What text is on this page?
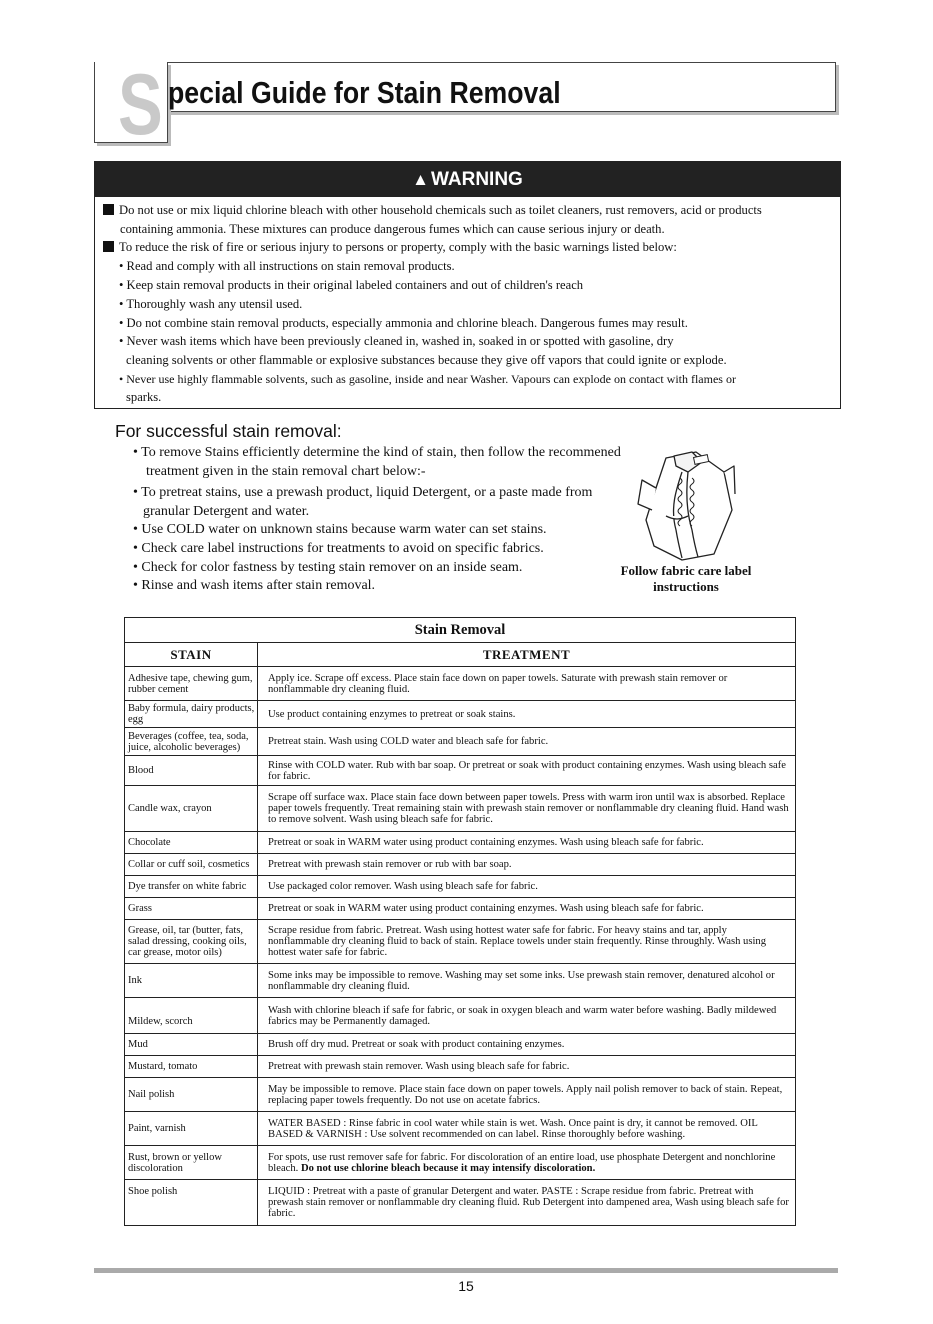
S pecial Guide for Stain Removal
▲ WARNING
Do not use or mix liquid chlorine bleach with other household chemicals such as toilet cleaners, rust removers, acid or products
containing ammonia. These mixtures can produce dangerous fumes which can cause serious injury or death.
To reduce the risk of fire or serious injury to persons or property, comply with the basic warnings listed below:
• Read and comply with all instructions on stain removal products.
• Keep stain removal products in their original labeled containers and out of children's reach
• Thoroughly wash any utensil used.
• Do not combine stain removal products, especially ammonia and chlorine bleach. Dangerous fumes may result.
• Never wash items which have been previously cleaned in, washed in, soaked in or spotted with gasoline, dry
cleaning solvents or other flammable or explosive substances because they give off vapors that could ignite or explode.
• Never use highly flammable solvents, such as gasoline, inside and near Washer. Vapours can explode on contact with flames or
sparks.
For successful stain removal:
• To remove Stains efficiently determine the kind of stain, then follow the recommened
treatment given in the stain removal chart below:-
• To pretreat stains, use a prewash product, liquid Detergent, or a paste made from
granular Detergent and water.
• Use COLD water on unknown stains because warm water can set stains.
• Check care label instructions for treatments to avoid on specific fabrics.
• Check for color fastness by testing stain remover on an inside seam.
• Rinse and wash items after stain removal.
Follow fabric care label
instructions
Stain Removal	
STAIN	TREATMENT
Adhesive tape, chewing gum, rubber cement	Apply ice. Scrape off excess. Place stain face down on paper towels. Saturate with prewash stain remover or nonflammable dry cleaning fluid.
Baby formula, dairy products, egg	Use product containing enzymes to pretreat or soak stains.
Beverages (coffee, tea, soda, juice, alcoholic beverages)	Pretreat stain. Wash using COLD water and bleach safe for fabric.
Blood	Rinse with COLD water. Rub with bar soap. Or pretreat or soak with product containing enzymes. Wash using bleach safe for fabric.
Candle wax, crayon	Scrape off surface wax. Place stain face down between paper towels. Press with warm iron until wax is absorbed. Replace paper towels frequently. Treat remaining stain with prewash stain remover or nonflammable dry cleaning fluid. Hand wash to remove solvent. Wash using bleach safe for fabric.
Chocolate	Pretreat or soak in WARM water using product containing enzymes. Wash using bleach safe for fabric.
Collar or cuff soil, cosmetics	Pretreat with prewash stain remover or rub with bar soap.
Dye transfer on white fabric	Use packaged color remover. Wash using bleach safe for fabric.
Grass	Pretreat or soak in WARM water using product containing enzymes. Wash using bleach safe for fabric.
Grease, oil, tar (butter, fats, salad dressing, cooking oils, car grease, motor oils)	Scrape residue from fabric. Pretreat. Wash using hottest water safe for fabric. For heavy stains and tar, apply nonflammable dry cleaning fluid to back of stain. Replace towels under stain frequently. Rinse throughly. Wash using hottest water safe for fabric.
Ink	Some inks may be impossible to remove. Washing may set some inks. Use prewash stain remover, denatured alcohol or nonflammable dry cleaning fluid.
Mildew, scorch	Wash with chlorine bleach if safe for fabric, or soak in oxygen bleach and warm water before washing. Badly mildewed fabrics may be Permanently damaged.
Mud	Brush off dry mud. Pretreat or soak with product containing enzymes.
Mustard, tomato	Pretreat with prewash stain remover. Wash using bleach safe for fabric.
Nail polish	May be impossible to remove. Place stain face down on paper towels. Apply nail polish remover to back of stain. Repeat, replacing paper towels frequently. Do not use on acetate fabrics.
Paint, varnish	WATER BASED : Rinse fabric in cool water while stain is wet. Wash. Once paint is dry, it cannot be removed. OIL BASED & VARNISH : Use solvent recommended on can label. Rinse thoroughly before washing.
Rust, brown or yellow discoloration	For spots, use rust remover safe for fabric. For discoloration of an entire load, use phosphate Detergent and nonchlorine bleach. Do not use chlorine bleach because it may intensify discoloration.
Shoe polish	LIQUID : Pretreat with a paste of granular Detergent and water. PASTE : Scrape residue from fabric. Pretreat with prewash stain remover or nonflammable dry cleaning fluid. Rub Detergent into dampened area, Wash using bleach safe for fabric.
15
